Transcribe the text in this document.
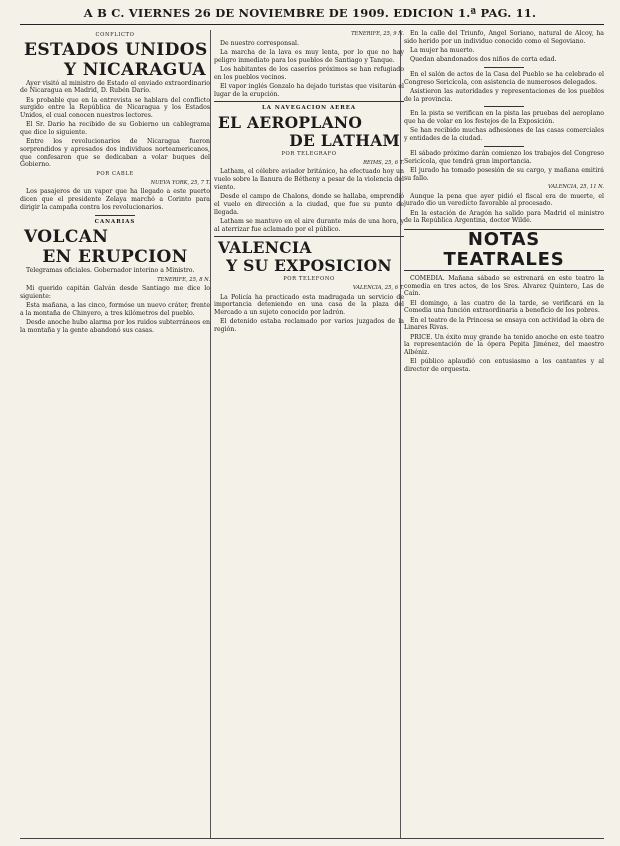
A B C. VIERNES 26 DE NOVIEMBRE DE 1909. EDICION 1.ª PAG. 11.
CONFLICTO
ESTADOS UNIDOS
Y NICARAGUA

Ayer visitó al ministro de Estado el enviado extraordinario de Nicaragua en Madrid, D. Rubén Darío.

Es probable que en la entrevista se hablara del conflicto surgido entre la República de Nicaragua y los Estados Unidos, el cual conocen nuestros lectores.

El Sr. Darío ha recibido de su Gobierno un cablegrama que dice lo siguiente.

Entre los revolucionarios de Nicaragua fueron sorprendidos y apresados dos individuos norteamericanos, que confesaron que se dedicaban a volar buques del Gobierno.

POR CABLE
NUEVA YORK, 25, 7 T.

Los pasajeros de un vapor que ha llegado a este puerto dicen que el presidente Zelaya marchó a Corinto para dirigir la campaña contra los revolucionarios.

CANARIAS
VOLCAN
EN ERUPCION

Telegramas oficiales. Gobernador interino a Ministro.

TENERIFE, 25, 8 N.

Mi querido capitán Galván desde Santiago me dice lo siguiente:

Esta mañana, a las cinco, formóse un nuevo cráter, frente a la montaña de Chinyero, a tres kilómetros del pueblo.

Desde anoche hubo alarma por los ruidos subterráneos en la montaña y la gente abandonó sus casas.

TENERIFE, 25, 9 N.

De nuestro corresponsal.

La marcha de la lava es muy lenta, por lo que no hay peligro inmediato para los pueblos de Santiago y Tanque.

Los habitantes de los caseríos próximos se han refugiado en los pueblos vecinos.

El vapor inglés Gonzalo ha dejado turistas que visitarán el lugar de la erupción.

LA NAVEGACION AEREA
EL AEROPLANO
DE LATHAM
POR TELEGRAFO
REIMS, 25, 6 T.

Latham, el célebre aviador británico, ha efectuado hoy un vuelo sobre la llanura de Bétheny a pesar de la violencia del viento.

Desde el campo de Chalons, donde se hallaba, emprendió el vuelo en dirección a la ciudad, que fue su punto de llegada.

Latham se mantuvo en el aire durante más de una hora, y al aterrizar fue aclamado por el público.

VALENCIA
Y SU EXPOSICION
POR TELEFONO
VALENCIA, 25, 6 T.

La Policía ha practicado esta madrugada un servicio de importancia deteniendo en una casa de la plaza del Mercado a un sujeto conocido por ladrón.

El detenido estaba reclamado por varios juzgados de la región.

En la calle del Triunfo, Angel Soriano, natural de Alcoy, ha sido herido por un individuo conocido como el Segoviano.

La mujer ha muerto.

Quedan abandonados dos niños de corta edad.

En el salón de actos de la Casa del Pueblo se ha celebrado el Congreso Sericícola, con asistencia de numerosos delegados.

Asistieron las autoridades y representaciones de los pueblos de la provincia.

En la pista se verifican en la pista las pruebas del aeroplano que ha de volar en los festejos de la Exposición.

Se han recibido muchas adhesiones de las casas comerciales y entidades de la ciudad.

El sábado próximo darán comienzo los trabajos del Congreso Sericícola, que tendrá gran importancia.

El jurado ha tomado posesión de su cargo, y mañana emitirá su fallo.

VALENCIA, 25, 11 N.

Aunque la pena que ayer pidió el fiscal era de muerte, el jurado dio un veredicto favorable al procesado.

En la estación de Aragón ha salido para Madrid el ministro de la República Argentina, doctor Wilde.

NOTAS TEATRALES

COMEDIA. Mañana sábado se estrenará en este teatro la comedia en tres actos, de los Sres. Alvarez Quintero, Las de Caín.

El domingo, a las cuatro de la tarde, se verificará en la Comedia una función extraordinaria a beneficio de los pobres.

En el teatro de la Princesa se ensaya con actividad la obra de Linares Rivas.

PRICE. Un éxito muy grande ha tenido anoche en este teatro la representación de la ópera Pepita Jiménez, del maestro Albéniz.

El público aplaudió con entusiasmo a los cantantes y al director de orquesta.
